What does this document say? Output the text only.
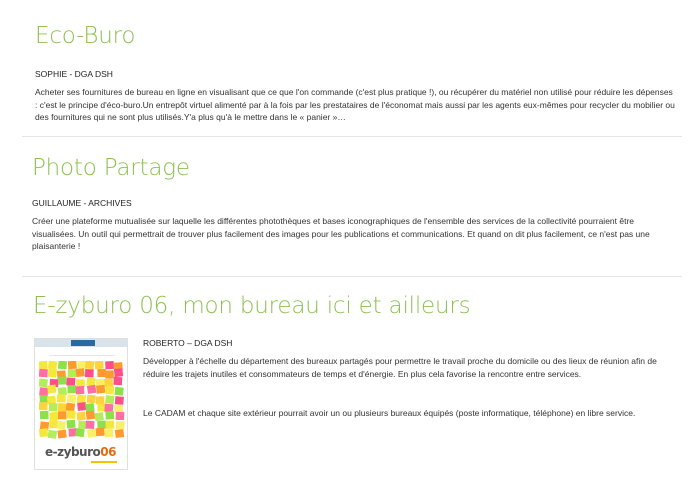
Eco-Buro

SOPHIE - DGA DSH

Acheter ses fournitures de bureau en ligne en visualisant que ce que l'on commande (c'est plus pratique !), ou récupérer du matériel non utilisé pour réduire les dépenses : c'est le principe d'éco-buro.Un entrepôt virtuel alimenté par à la fois par les prestataires de l'économat mais aussi par les agents eux-mêmes pour recycler du mobilier ou des fournitures qui ne sont plus utilisés.Y'a plus qu'à le mettre dans le « panier »…

Photo Partage

GUILLAUME - ARCHIVES

Créer une plateforme mutualisée sur laquelle les différentes photothèques et bases iconographiques de l'ensemble des services de la collectivité pourraient être visualisées. Un outil qui permettrait de trouver plus facilement des images pour les publications et communications. Et quand on dit plus facilement, ce n'est pas une plaisanterie !

E-zyburo 06, mon bureau ici et ailleurs
~~~~~~~~~~~~~~~~~~~~~~~~~~~~
e-zyburo06

ROBERTO – DGA DSH

Développer à l'échelle du département des bureaux partagés pour permettre le travail proche du domicile ou des lieux de réunion afin de réduire les trajets inutiles et consommateurs de temps et d'énergie. En plus cela favorise la rencontre entre services.

Le CADAM et chaque site extérieur pourrait avoir un ou plusieurs bureaux équipés (poste informatique, téléphone) en libre service.
